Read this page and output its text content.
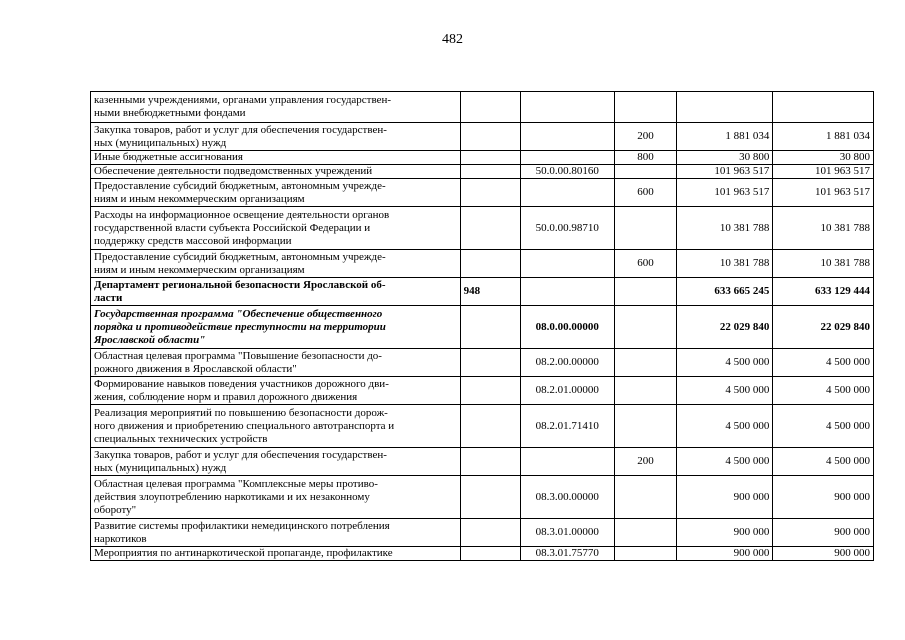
482
казенными учреждениями, органами управления государствен-
ными внебюджетными фондами					

Закупка товаров, работ и услуг для обеспечения государствен-
ных (муниципальных) нужд			200	1 881 034	1 881 034

Иные бюджетные ассигнования			800	30 800	30 800

Обеспечение деятельности подведомственных учреждений		50.0.00.80160		101 963 517	101 963 517

Предоставление субсидий бюджетным, автономным учрежде-
ниям и иным некоммерческим организациям			600	101 963 517	101 963 517

Расходы на информационное освещение деятельности органов
государственной власти субъекта Российской Федерации и
поддержку средств массовой информации		50.0.00.98710		10 381 788	10 381 788

Предоставление субсидий бюджетным, автономным учрежде-
ниям и иным некоммерческим организациям			600	10 381 788	10 381 788

Департамент региональной безопасности Ярославской об-
ласти	948			633 665 245	633 129 444

Государственная программа "Обеспечение общественного
порядка и противодействие преступности на территории
Ярославской области"		08.0.00.00000		22 029 840	22 029 840

Областная целевая программа "Повышение безопасности до-
рожного движения в Ярославской области"		08.2.00.00000		4 500 000	4 500 000

Формирование навыков поведения участников дорожного дви-
жения, соблюдение норм и правил дорожного движения		08.2.01.00000		4 500 000	4 500 000

Реализация мероприятий по повышению безопасности дорож-
ного движения и приобретению специального автотранспорта и
специальных технических устройств		08.2.01.71410		4 500 000	4 500 000

Закупка товаров, работ и услуг для обеспечения государствен-
ных (муниципальных) нужд			200	4 500 000	4 500 000

Областная целевая программа "Комплексные меры противо-
действия злоупотреблению наркотиками и их незаконному
обороту"		08.3.00.00000		900 000	900 000

Развитие системы профилактики немедицинского потребления
наркотиков		08.3.01.00000		900 000	900 000

Мероприятия по антинаркотической пропаганде, профилактике		08.3.01.75770		900 000	900 000
